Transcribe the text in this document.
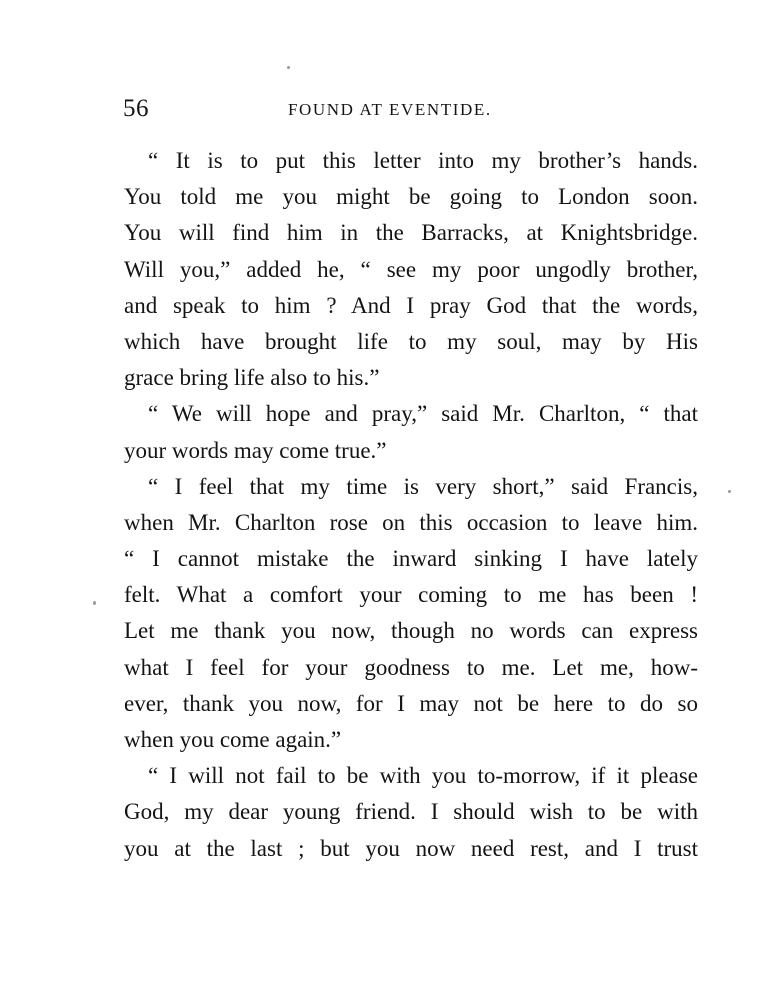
56	FOUND AT EVENTIDE.
“ It is to put this letter into my brother’s hands.
You told me you might be going to London soon.
You will find him in the Barracks, at Knightsbridge.
Will you,” added he, “ see my poor ungodly brother,
and speak to him ? And I pray God that the words,
which have brought life to my soul, may by His
grace bring life also to his.”
“ We will hope and pray,” said Mr. Charlton, “ that
your words may come true.”
“ I feel that my time is very short,” said Francis,
when Mr. Charlton rose on this occasion to leave him.
“ I cannot mistake the inward sinking I have lately
felt. What a comfort your coming to me has been !
Let me thank you now, though no words can express
what I feel for your goodness to me. Let me, how-
ever, thank you now, for I may not be here to do so
when you come again.”
“ I will not fail to be with you to-morrow, if it please
God, my dear young friend. I should wish to be with
you at the last ; but you now need rest, and I trust
